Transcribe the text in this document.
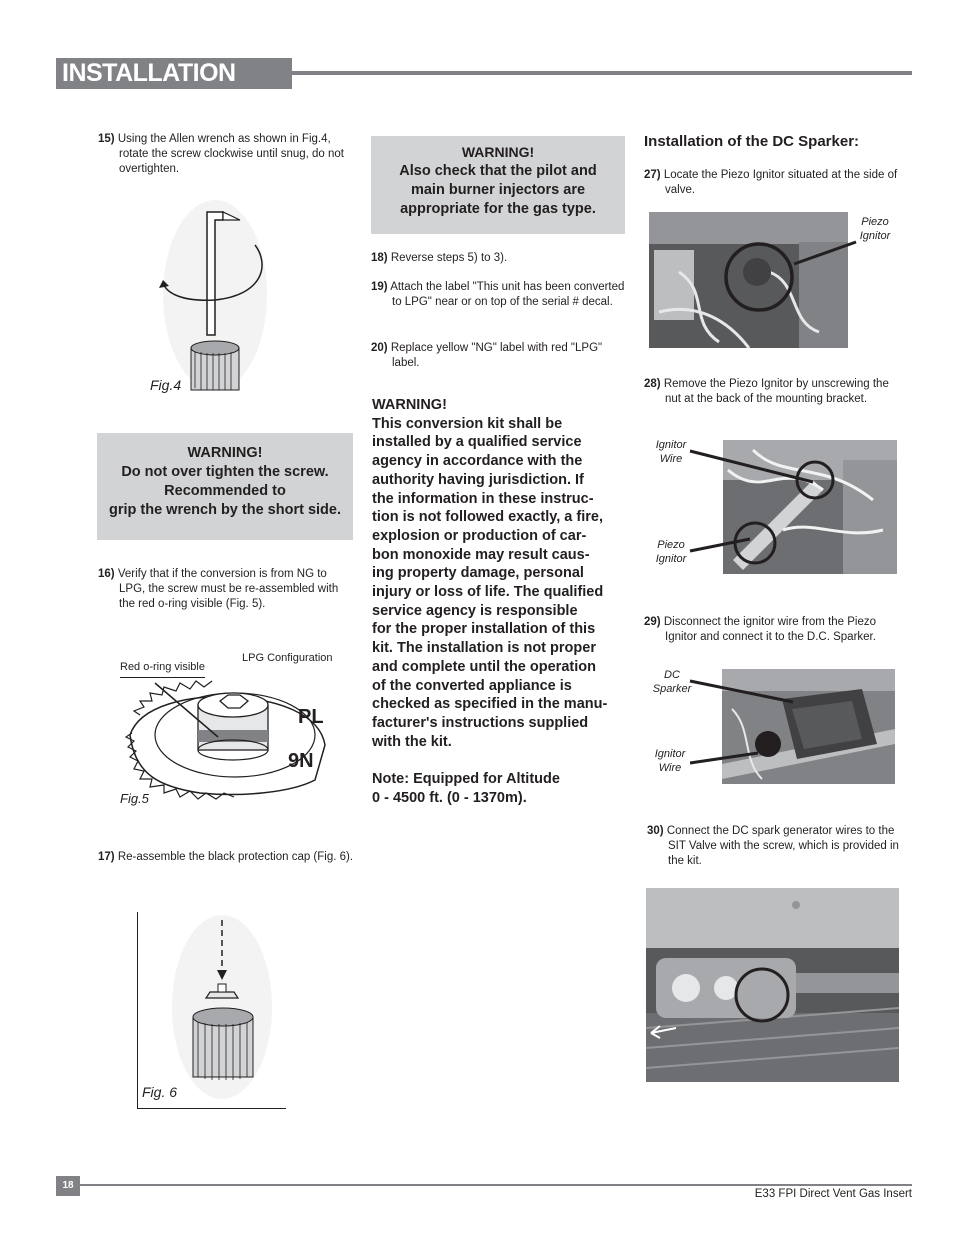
INSTALLATION
15) Using the Allen wrench as shown in Fig.4, rotate the screw clockwise until snug, do not overtighten.
Fig.4
WARNING!
Do not over tighten the screw.
Recommended to
grip the wrench by the short side.
16) Verify that if the conversion is from NG to LPG, the screw must be re-assembled with the red o-ring visible (Fig. 5).
LPG Configuration
Red o-ring visible
PL
9N
Fig.5
17) Re-assemble the black protection cap (Fig. 6).
Fig. 6
WARNING!
Also check that the pilot and
main burner injectors are
appropriate for the gas type.
18) Reverse steps 5) to 3).
19) Attach the label "This unit has been converted to LPG" near or on top of the serial # decal.
20) Replace yellow "NG" label with red "LPG" label.
WARNING!
This conversion kit shall be
installed by a qualified service
agency in accordance with the
authority having jurisdiction. If
the information in these instruc-
tion is not followed exactly, a fire,
explosion or production of car-
bon monoxide may result caus-
ing property damage, personal
injury or loss of life. The qualified
service agency is responsible
for the proper installation of this
kit. The installation is not proper
and complete until the operation
of the converted appliance is
checked as specified in the manu-
facturer's instructions supplied
with the kit.
Note: Equipped for Altitude
0 - 4500 ft. (0 - 1370m).
Installation of the DC Sparker:
27) Locate the Piezo Ignitor situated at the side of valve.
Piezo
Ignitor
28) Remove the Piezo Ignitor by unscrewing the nut at the back of the mounting bracket.
Ignitor
Wire
Piezo
Ignitor
29) Disconnect the ignitor wire from the Piezo Ignitor and connect it to the D.C. Sparker.
DC
Sparker
Ignitor
Wire
30) Connect the DC spark generator wires to the SIT Valve with the screw, which is provided in the kit.
18
E33 FPI Direct Vent Gas Insert
